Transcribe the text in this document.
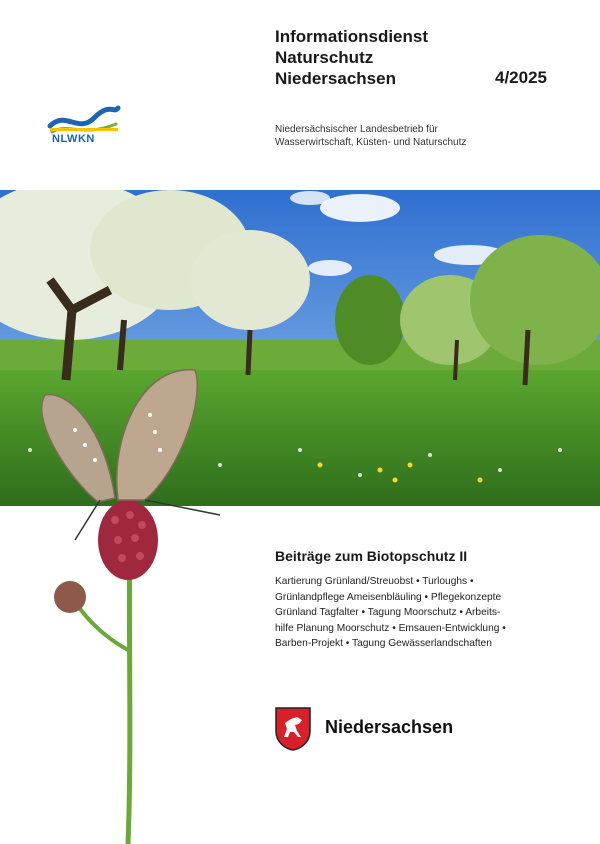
Informationsdienst
Naturschutz
Niedersachsen	4/2025
NLWKN
Niedersächsischer Landesbetrieb für
Wasserwirtschaft, Küsten- und Naturschutz
Beiträge zum Biotopschutz II
Kartierung Grünland/Streuobst • Turloughs •
Grünlandpflege Ameisenbläuling • Pflegekonzepte
Grünland Tagfalter • Tagung Moorschutz • Arbeits-
hilfe Planung Moorschutz • Emsauen-Entwicklung •
Barben-Projekt • Tagung Gewässerlandschaften
Niedersachsen
